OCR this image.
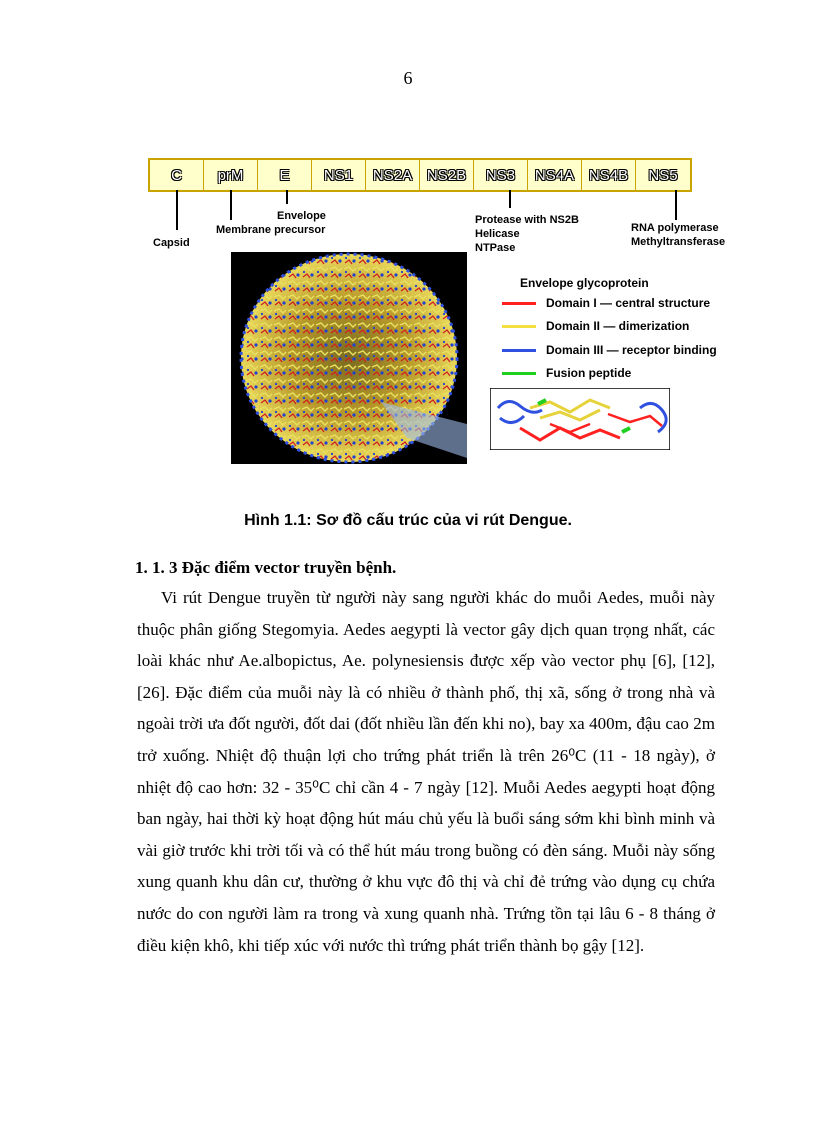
6
C	prM	E	NS1	NS2A NS2B	NS3	NS4A NS4B	NS5
Capsid
Envelope
Membrane precursor
Protease with NS2B
Helicase
NTPase
RNA polymerase
Methyltransferase
Envelope glycoprotein
Domain I — central structure
Domain II — dimerization
Domain III — receptor binding
Fusion peptide
Hình 1.1: Sơ đồ cấu trúc của vi rút Dengue.
1. 1. 3 Đặc điểm vector truyền bệnh.

Vi rút Dengue truyền từ người này sang người khác do muỗi Aedes, muỗi này thuộc phân giống Stegomyia. Aedes aegypti là vector gây dịch quan trọng nhất, các loài khác như Ae.albopictus, Ae. polynesiensis được xếp vào vector phụ [6], [12], [26]. Đặc điểm của muỗi này là có nhiều ở thành phố, thị xã, sống ở trong nhà và ngoài trời ưa đốt người, đốt dai (đốt nhiều lần đến khi no), bay xa 400m, đậu cao 2m trở xuống. Nhiệt độ thuận lợi cho trứng phát triển là trên 26⁰C (11 - 18 ngày), ở nhiệt độ cao hơn: 32 - 35⁰C chỉ cần 4 - 7 ngày [12]. Muỗi Aedes aegypti hoạt động ban ngày, hai thời kỳ hoạt động hút máu chủ yếu là buổi sáng sớm khi bình minh và vài giờ trước khi trời tối và có thể hút máu trong buồng có đèn sáng. Muỗi này sống xung quanh khu dân cư, thường ở khu vực đô thị và chỉ đẻ trứng vào dụng cụ chứa nước do con người làm ra trong và xung quanh nhà. Trứng tồn tại lâu 6 - 8 tháng ở điều kiện khô, khi tiếp xúc với nước thì trứng phát triển thành bọ gậy [12].
